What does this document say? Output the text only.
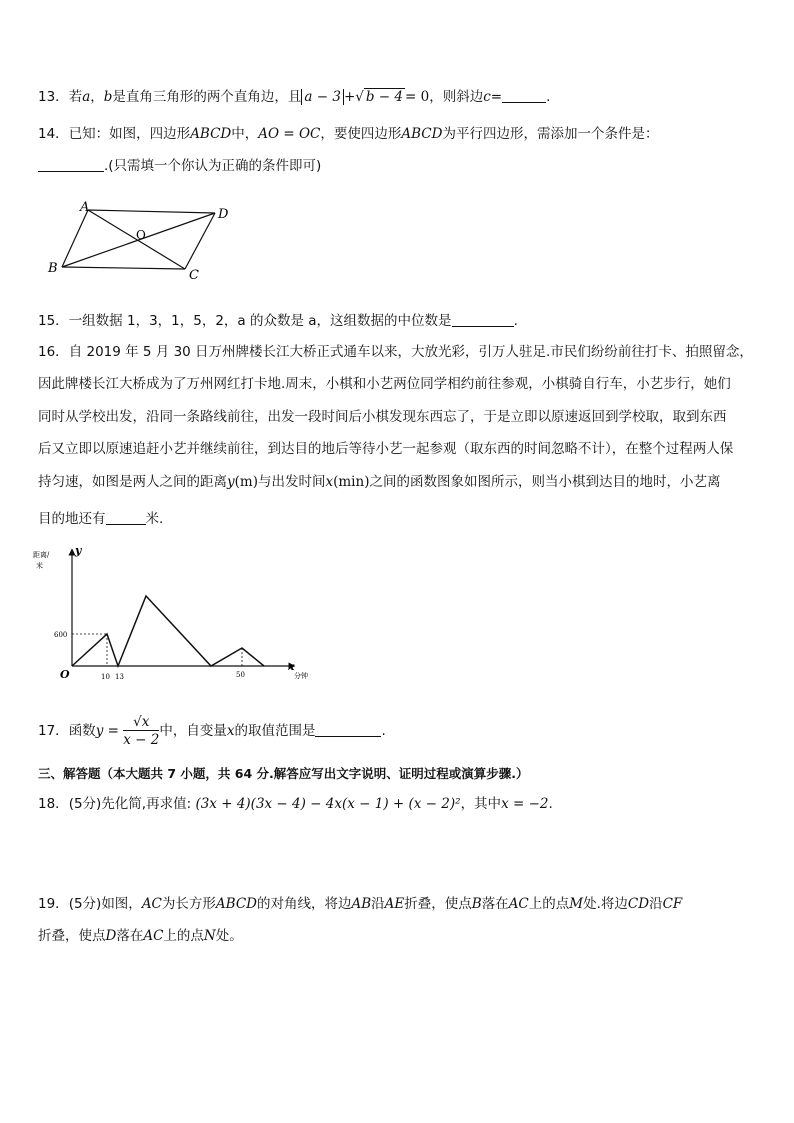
13．若a，b是直角三角形的两个直角边，且 a − 3 +√ b − 4 = 0，则斜边c=	.
14．已知：如图，四边形ABCD中，AO = OC，要使四边形ABCD为平行四边形，需添加一个条件是：
.(只需填一个你认为正确的条件即可)
A	D
B	C
O
15．一组数据 1，3，1，5，2，a 的众数是 a，这组数据的中位数是	.
16．自 2019 年 5 月 30 日万州牌楼长江大桥正式通车以来，大放光彩，引万人驻足.市民们纷纷前往打卡、拍照留念，
因此牌楼长江大桥成为了万州网红打卡地.周末，小棋和小艺两位同学相约前往参观，小棋骑自行车，小艺步行，她们
同时从学校出发，沿同一条路线前往，出发一段时间后小棋发现东西忘了，于是立即以原速返回到学校取，取到东西
后又立即以原速追赶小艺并继续前往，到达目的地后等待小艺一起参观（取东西的时间忽略不计），在整个过程两人保
持匀速，如图是两人之间的距离y(m)与出发时间x(min)之间的函数图象如图所示，则当小棋到达目的地时，小艺离
目的地还有	米.
距离/
米
y
x
分钟
O
600
10 13	50
17．函数$y = \frac{√x}{x - 2}$ 中，自变量x的取值范围是	.
三、解答题（本大题共 7 小题，共 64 分.解答应写出文字说明、证明过程或演算步骤.）
18．(5分)先化简,再求值: (3x + 4)(3x − 4) − 4x(x − 1) + (x − 2)²，其中x = −2.
19．(5分)如图，AC为长方形ABCD的对角线，将边AB沿AE折叠，使点B落在AC上的点M处.将边CD沿CF
折叠，使点D落在AC上的点N处。
